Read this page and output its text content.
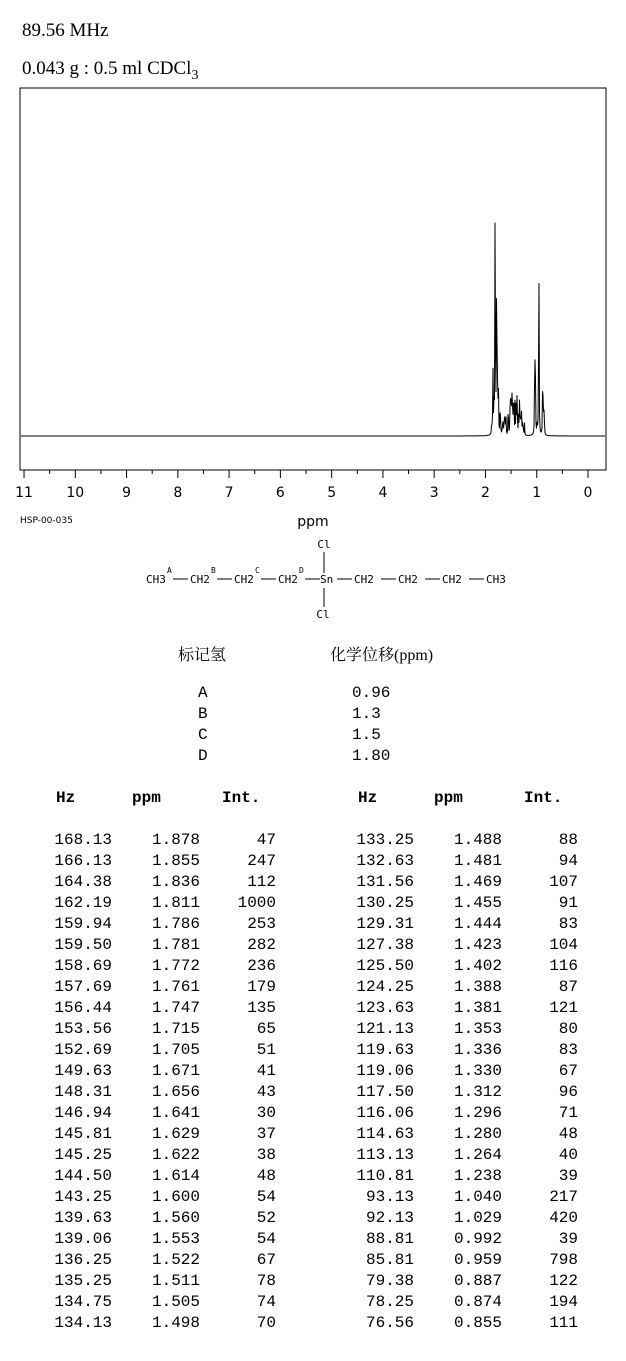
89.56 MHz
0.043 g : 0.5 ml CDCl$_3$
11 10	9	8	7	6	5	4	3	2	1	0
ppm
HSP-00-035
Cl
Cl
CH3
A
CH2
B
CH2
C
CH2
D
Sn CH2 CH2 CH2 CH3
标记氢	化学位移(ppm)
A	0.96
B	1.3
C	1.5
D	1.80
Hz	ppm	Int.
168.13	1.878	47
166.13	1.855	247
164.38	1.836	112
162.19	1.811	1000
159.94	1.786	253
159.50	1.781	282
158.69	1.772	236
157.69	1.761	179
156.44	1.747	135
153.56	1.715	65
152.69	1.705	51
149.63	1.671	41
148.31	1.656	43
146.94	1.641	30
145.81	1.629	37
145.25	1.622	38
144.50	1.614	48
143.25	1.600	54
139.63	1.560	52
139.06	1.553	54
136.25	1.522	67
135.25	1.511	78
134.75	1.505	74
134.13	1.498	70
Hz	ppm	Int.
133.25	1.488	88
132.63	1.481	94
131.56	1.469	107
130.25	1.455	91
129.31	1.444	83
127.38	1.423	104
125.50	1.402	116
124.25	1.388	87
123.63	1.381	121
121.13	1.353	80
119.63	1.336	83
119.06	1.330	67
117.50	1.312	96
116.06	1.296	71
114.63	1.280	48
113.13	1.264	40
110.81	1.238	39
93.13	1.040	217
92.13	1.029	420
88.81	0.992	39
85.81	0.959	798
79.38	0.887	122
78.25	0.874	194
76.56	0.855	111
